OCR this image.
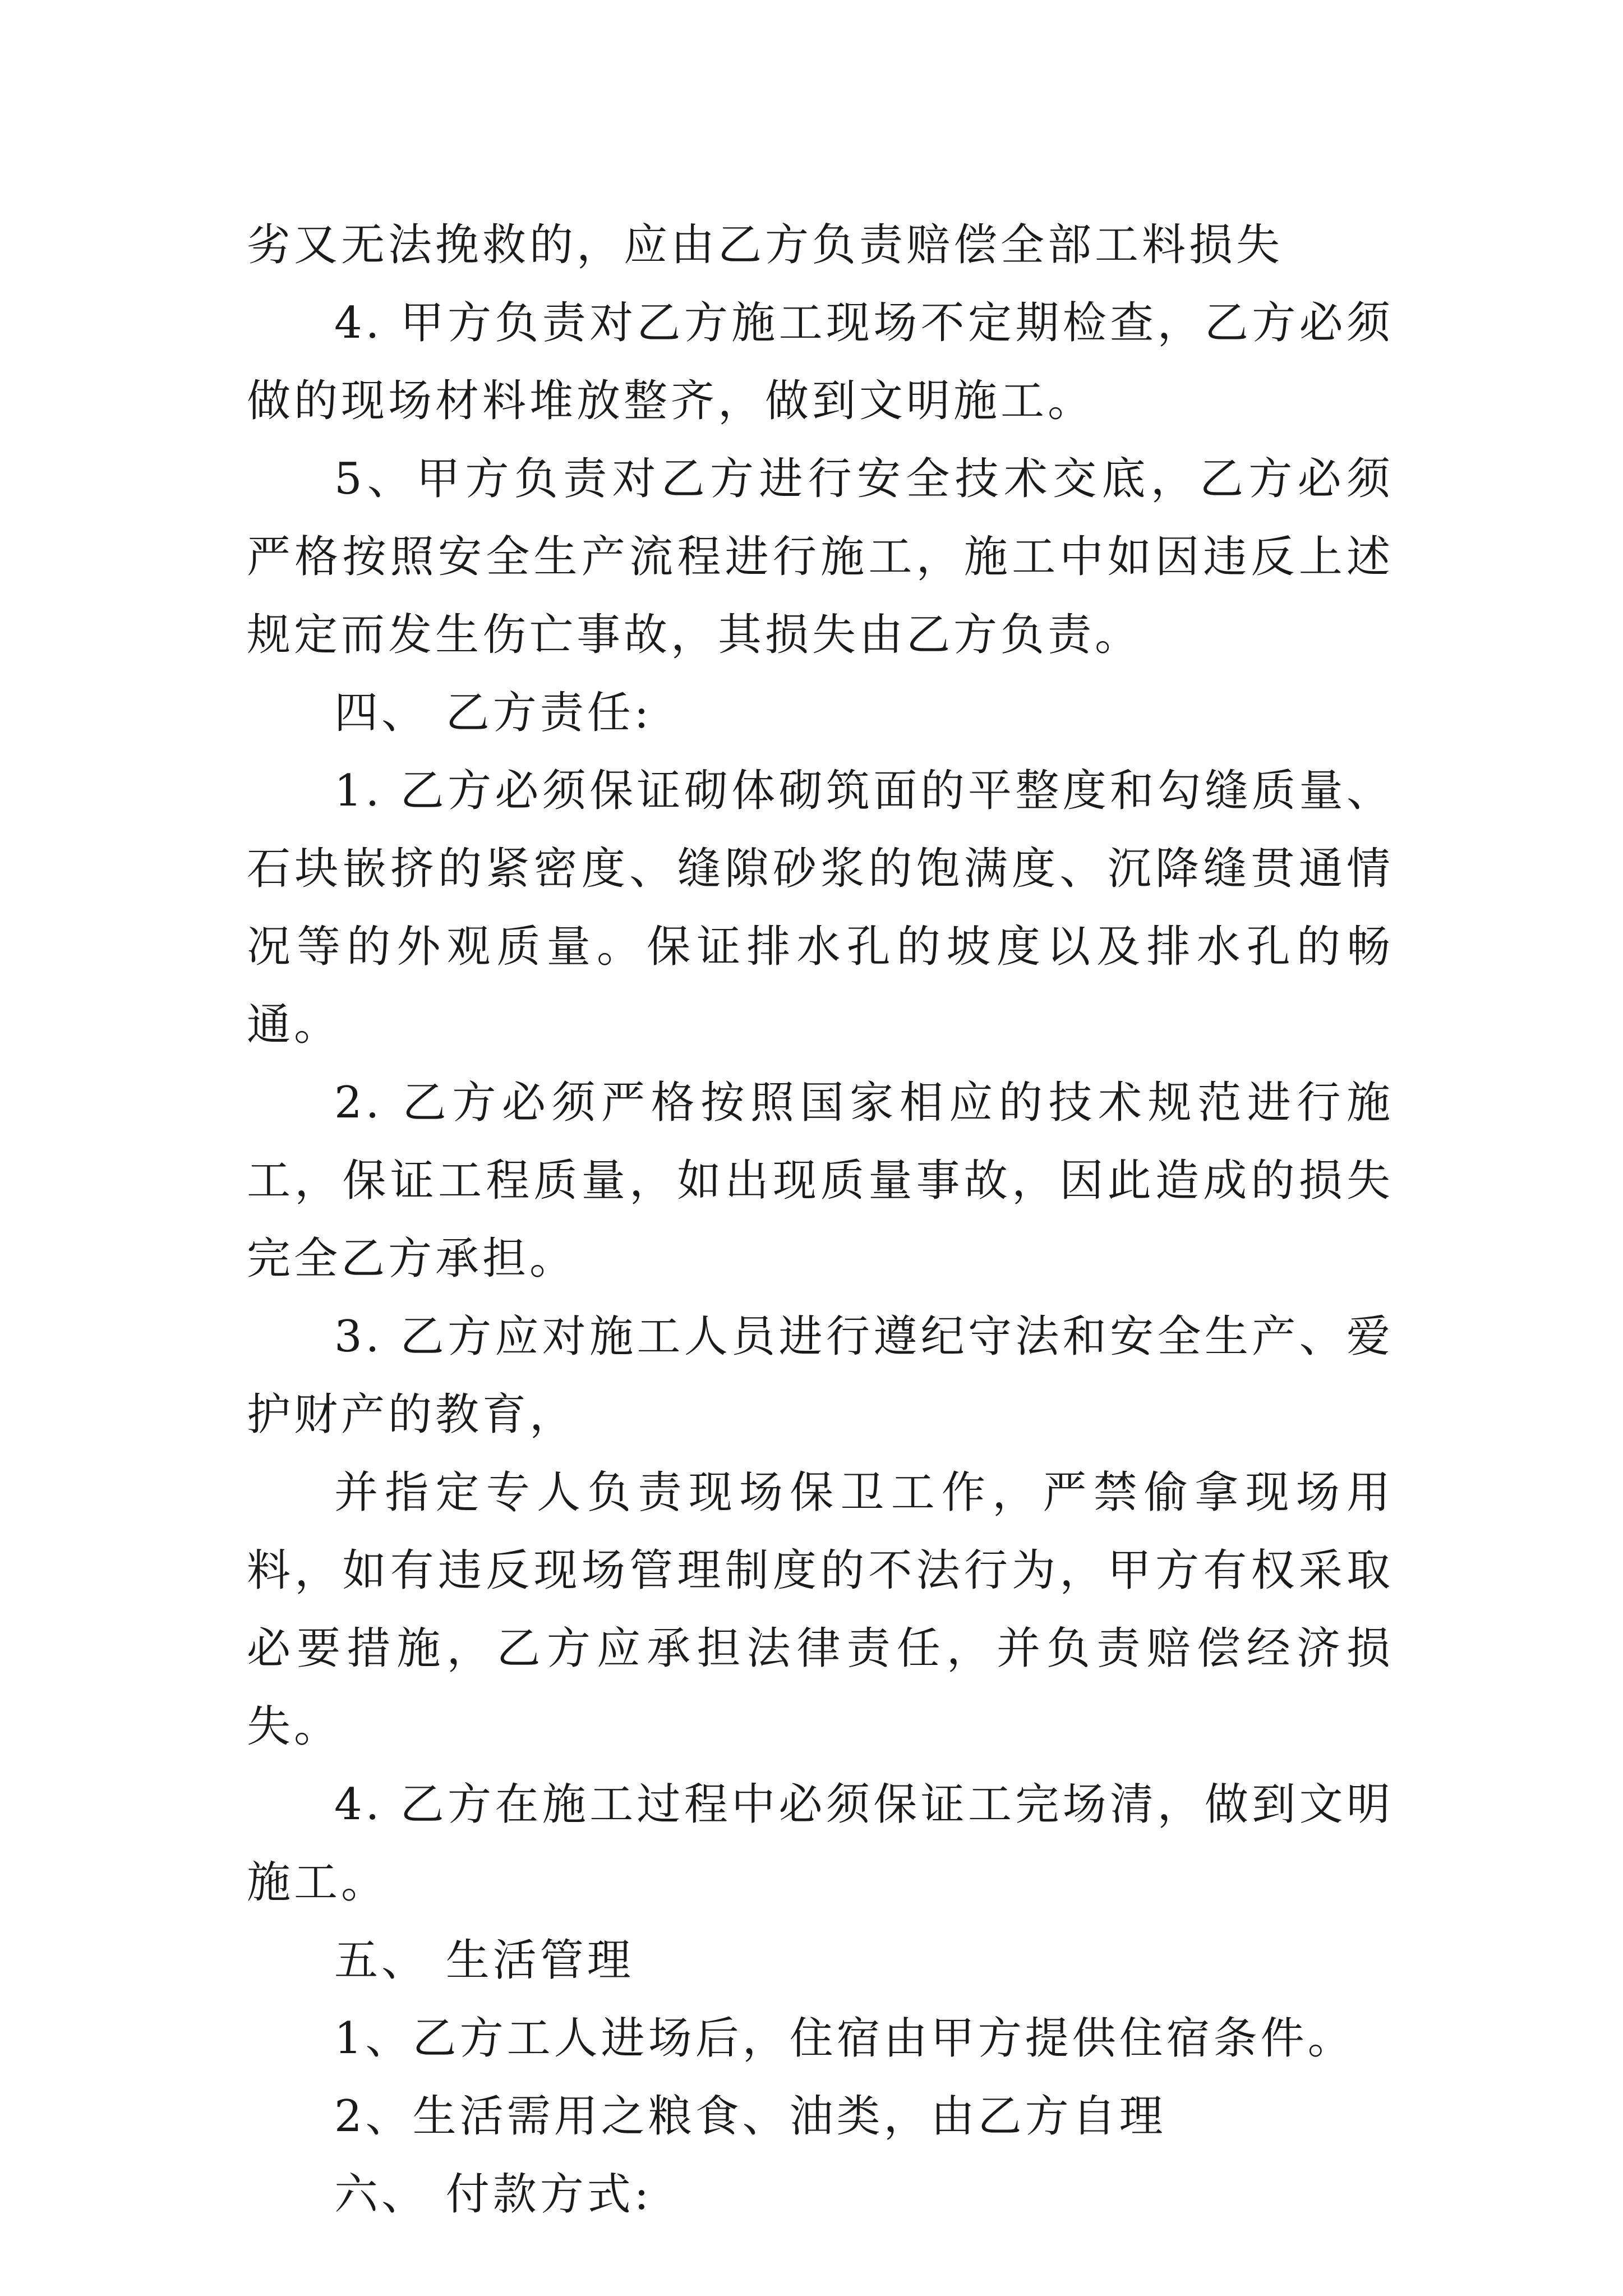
劣又无法挽救的，应由乙方负责赔偿全部工料损失

4. 甲方负责对乙方施工现场不定期检查，乙方必须做的现场材料堆放整齐，做到文明施工。

5、甲方负责对乙方进行安全技术交底，乙方必须严格按照安全生产流程进行施工，施工中如因违反上述规定而发生伤亡事故，其损失由乙方负责。

四、 乙方责任:

1. 乙方必须保证砌体砌筑面的平整度和勾缝质量、石块嵌挤的紧密度、缝隙砂浆的饱满度、沉降缝贯通情况等的外观质量。保证排水孔的坡度以及排水孔的畅通。

2. 乙方必须严格按照国家相应的技术规范进行施工，保证工程质量，如出现质量事故，因此造成的损失完全乙方承担。

3. 乙方应对施工人员进行遵纪守法和安全生产、爱护财产的教育，

并指定专人负责现场保卫工作，严禁偷拿现场用料，如有违反现场管理制度的不法行为，甲方有权采取必要措施，乙方应承担法律责任，并负责赔偿经济损失。

4. 乙方在施工过程中必须保证工完场清，做到文明施工。

五、 生活管理

1、乙方工人进场后，住宿由甲方提供住宿条件。

2、生活需用之粮食、油类，由乙方自理

六、 付款方式:
